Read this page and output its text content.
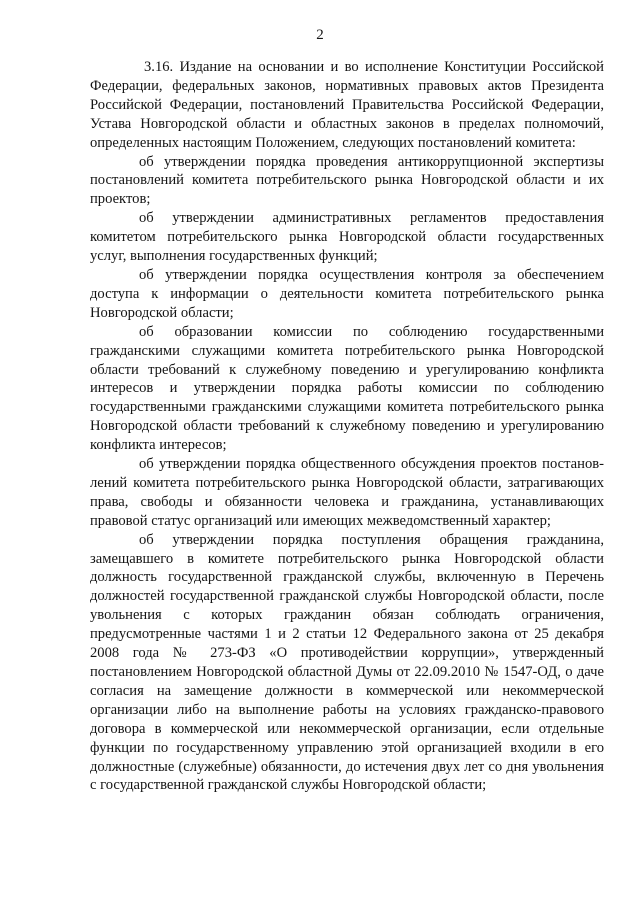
2

3.16. Издание на основании и во исполнение Конституции Российской Федерации, федеральных законов, нормативных правовых актов Президента Российской Федерации, постановлений Правительства Российской Федерации, Устава Новгородской области и областных законов в пределах полномочий, определенных настоящим Положением, следующих постановлений комитета:

об утверждении порядка проведения антикоррупционной экспертизы постановлений комитета потребительского рынка Новгородской области и их проектов;

об утверждении административных регламентов предоставления комитетом потребительского рынка Новгородской области государственных услуг, выполнения государственных функций;

об утверждении порядка осуществления контроля за обеспечением доступа к информации о деятельности комитета потребительского рынка Новгородской области;

об образовании комиссии по соблюдению государственными гражданскими служащими комитета потребительского рынка Новгородской области требований к служебному поведению и урегулированию конфликта интересов и утверждении порядка работы комиссии по соблюдению государственными гражданскими служащими комитета потребительского рынка Новгородской области требований к служебному поведению и урегулированию конфликта интересов;

об утверждении порядка общественного обсуждения проектов постанов-лений комитета потребительского рынка Новгородской области, затрагивающих права, свободы и обязанности человека и гражданина, устанавливающих правовой статус организаций или имеющих межведомственный характер;

об утверждении порядка поступления обращения гражданина, замещавшего в комитете потребительского рынка Новгородской области должность государственной гражданской службы, включенную в Перечень должностей государственной гражданской службы Новгородской области, после увольнения с которых гражданин обязан соблюдать ограничения, предусмотренные частями 1 и 2 статьи 12 Федерального закона от 25 декабря 2008 года № 273-ФЗ «О противодействии коррупции», утвержденный постановлением Новгородской областной Думы от 22.09.2010 № 1547-ОД, о даче согласия на замещение должности в коммерческой или некоммерческой организации либо на выполнение работы на условиях гражданско-правового договора в коммерческой или некоммерческой организации, если отдельные функции по государственному управлению этой организацией входили в его должностные (служебные) обязанности, до истечения двух лет со дня увольнения с государственной гражданской службы Новгородской области;
